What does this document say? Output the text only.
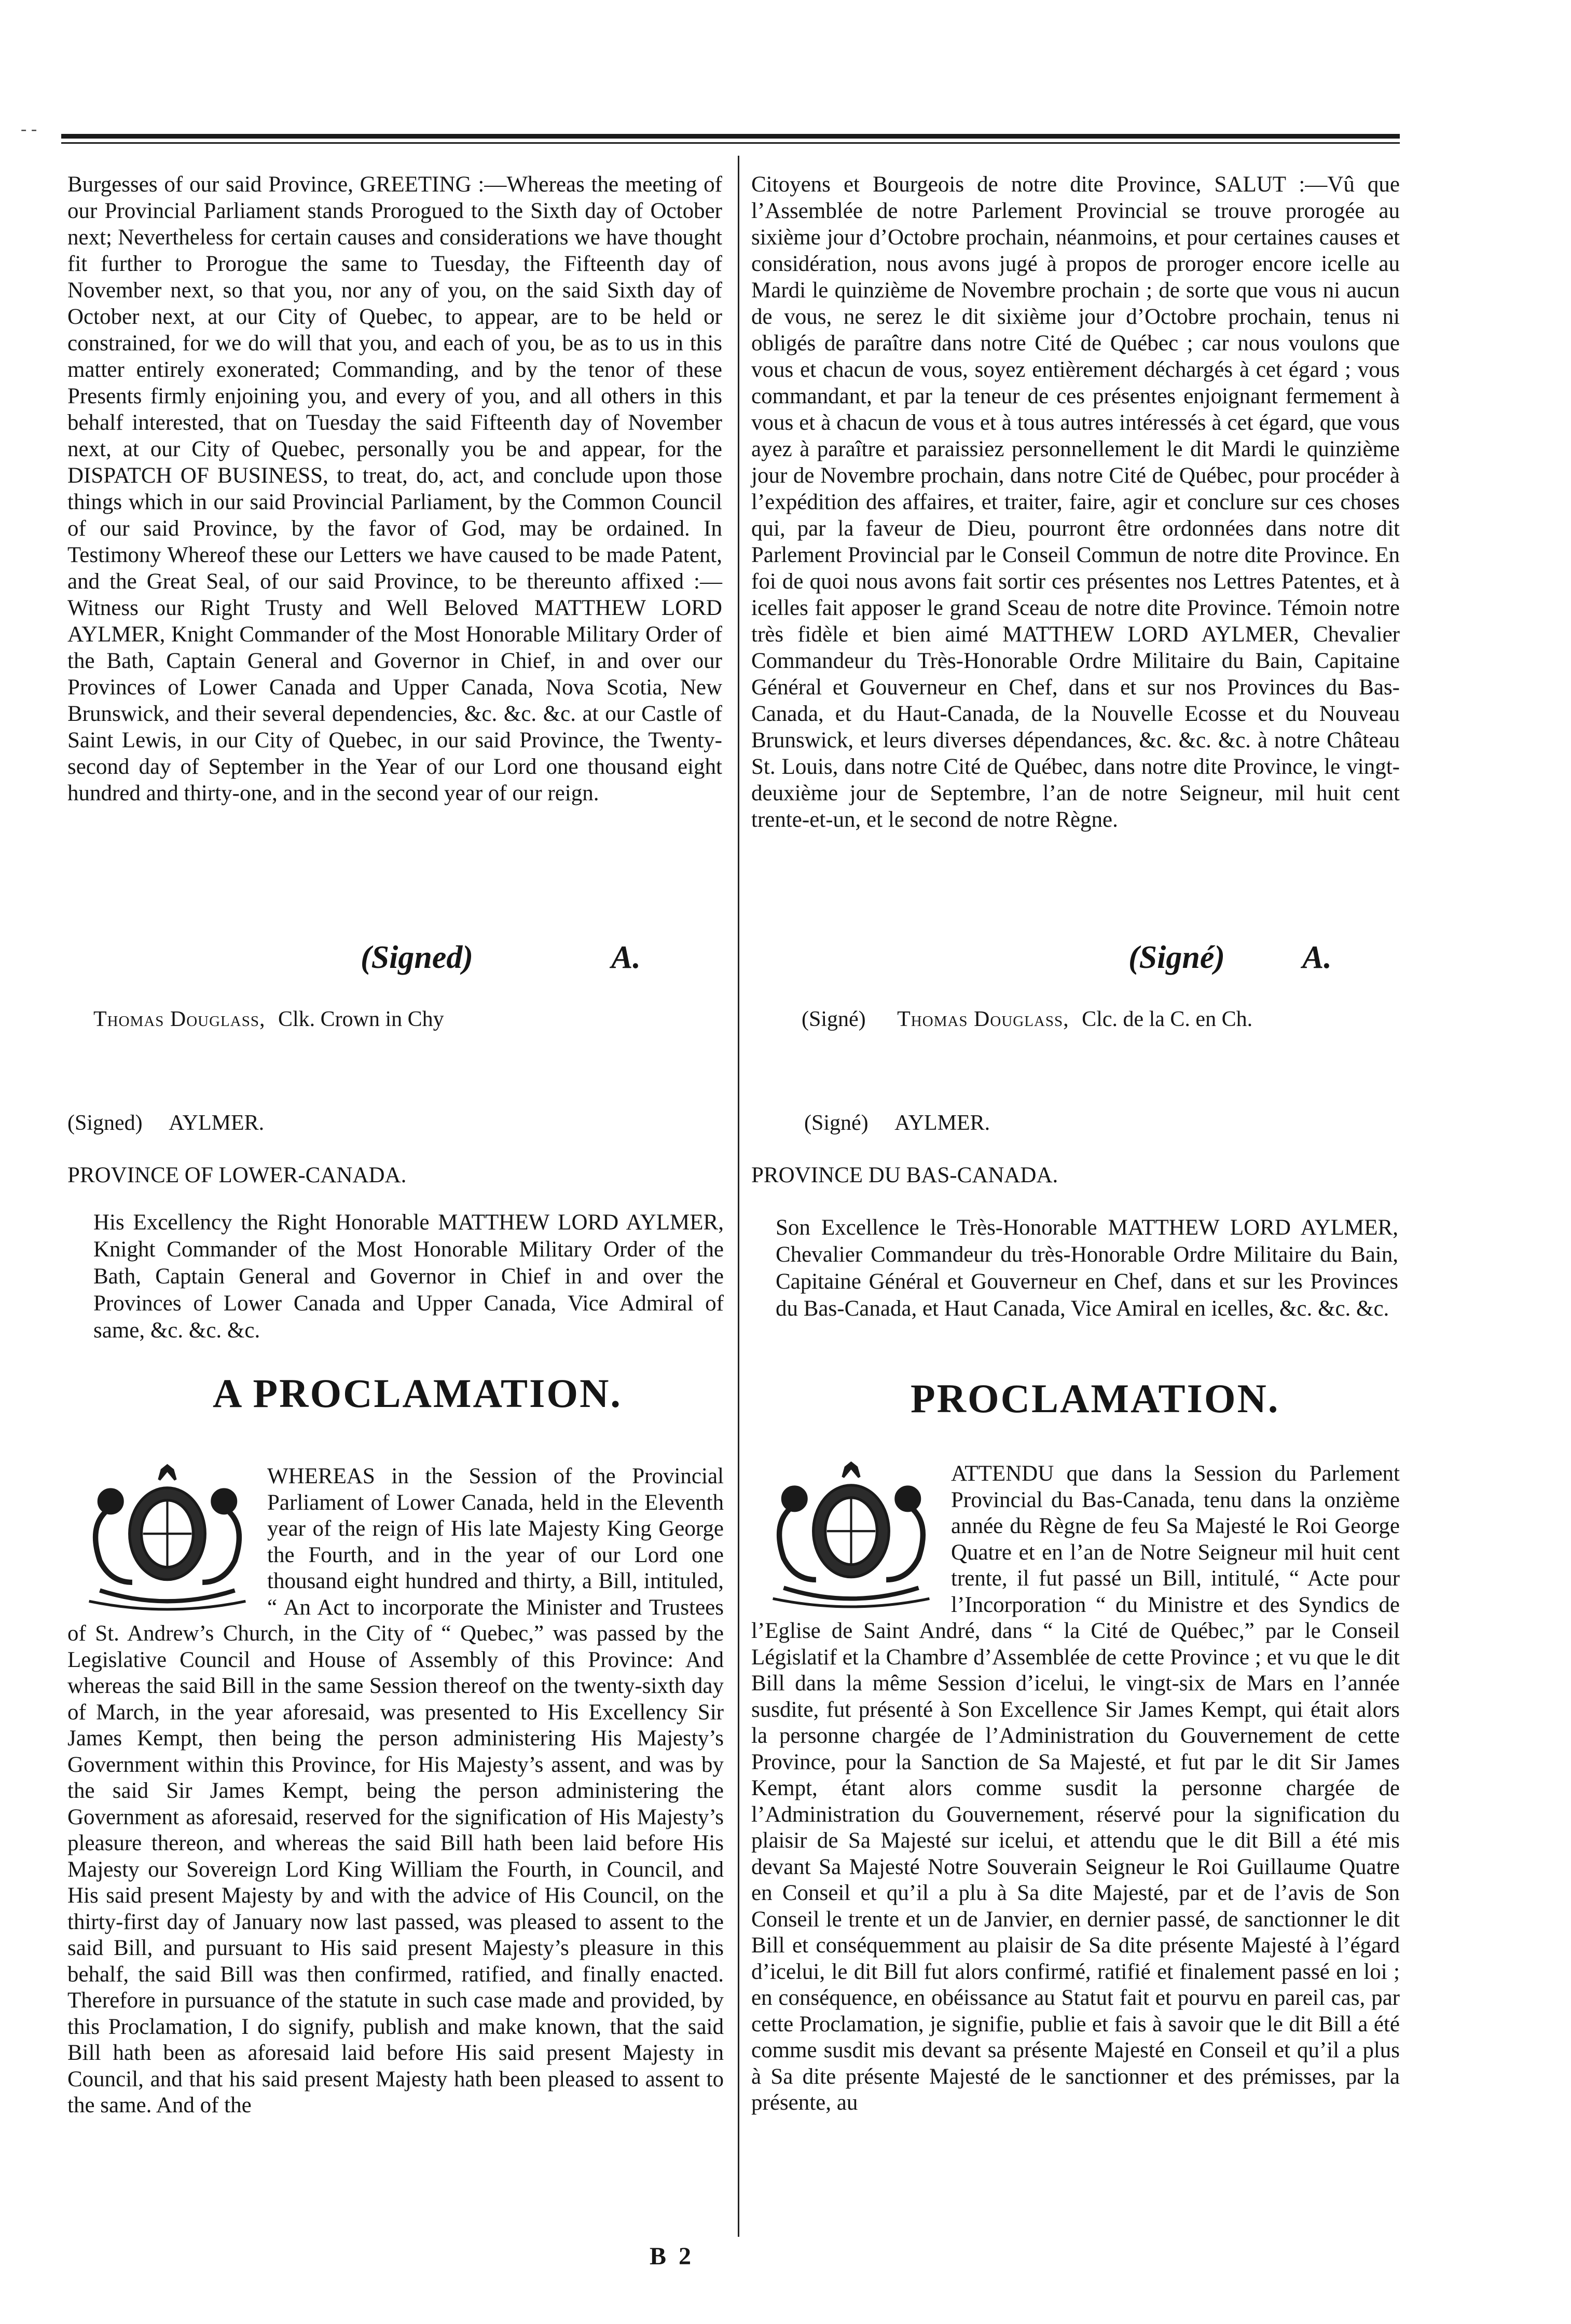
- -

Burgesses of our said Province, GREETING :—Whereas the meeting of our Provincial Parliament stands Prorogued to the Sixth day of October next; Nevertheless for certain causes and considerations we have thought fit further to Prorogue the same to Tuesday, the Fifteenth day of November next, so that you, nor any of you, on the said Sixth day of October next, at our City of Quebec, to appear, are to be held or constrained, for we do will that you, and each of you, be as to us in this matter entirely exonerated; Commanding, and by the tenor of these Presents firmly enjoining you, and every of you, and all others in this behalf interested, that on Tuesday the said Fifteenth day of November next, at our City of Quebec, personally you be and appear, for the DISPATCH OF BUSINESS, to treat, do, act, and conclude upon those things which in our said Provincial Parliament, by the Common Council of our said Province, by the favor of God, may be ordained. In Testimony Whereof these our Letters we have caused to be made Patent, and the Great Seal, of our said Province, to be thereunto affixed :—Witness our Right Trusty and Well Beloved MATTHEW LORD AYLMER, Knight Commander of the Most Honorable Military Order of the Bath, Captain General and Governor in Chief, in and over our Provinces of Lower Canada and Upper Canada, Nova Scotia, New Brunswick, and their several dependencies, &c. &c. &c. at our Castle of Saint Lewis, in our City of Quebec, in our said Province, the Twenty-second day of September in the Year of our Lord one thousand eight hundred and thirty-one, and in the second year of our reign.

(Signed)	A.
Thomas Douglass, Clk. Crown in Chy
(Signed) AYLMER.
PROVINCE OF LOWER-CANADA.
His Excellency the Right Honorable MATTHEW LORD AYLMER, Knight Commander of the Most Honorable Military Order of the Bath, Captain General and Governor in Chief in and over the Provinces of Lower Canada and Upper Canada, Vice Admiral of same, &c. &c. &c.
A PROCLAMATION.
WHEREAS in the Session of the Provincial Parliament of Lower Canada, held in the Eleventh year of the reign of His late Majesty King George the Fourth, and in the year of our Lord one thousand eight hundred and thirty, a Bill, intituled, “ An Act to incorporate the Minister and Trustees of St. Andrew’s Church, in the City of “ Quebec,” was passed by the Legislative Council and House of Assembly of this Province: And whereas the said Bill in the same Session thereof on the twenty-sixth day of March, in the year aforesaid, was presented to His Excellency Sir James Kempt, then being the person administering His Majesty’s Government within this Province, for His Majesty’s assent, and was by the said Sir James Kempt, being the person administering the Government as aforesaid, reserved for the signification of His Majesty’s pleasure thereon, and whereas the said Bill hath been laid before His Majesty our Sovereign Lord King William the Fourth, in Council, and His said present Majesty by and with the advice of His Council, on the thirty-first day of January now last passed, was pleased to assent to the said Bill, and pursuant to His said present Majesty’s pleasure in this behalf, the said Bill was then confirmed, ratified, and finally enacted. Therefore in pursuance of the statute in such case made and provided, by this Proclamation, I do signify, publish and make known, that the said Bill hath been as aforesaid laid before His said present Majesty in Council, and that his said present Majesty hath been pleased to assent to the same. And of the

Citoyens et Bourgeois de notre dite Province, SALUT :—Vû que l’Assemblée de notre Parlement Provincial se trouve prorogée au sixième jour d’Octobre prochain, néanmoins, et pour certaines causes et considération, nous avons jugé à propos de proroger encore icelle au Mardi le quinzième de Novembre prochain ; de sorte que vous ni aucun de vous, ne serez le dit sixième jour d’Octobre prochain, tenus ni obligés de paraître dans notre Cité de Québec ; car nous voulons que vous et chacun de vous, soyez entièrement déchargés à cet égard ; vous commandant, et par la teneur de ces présentes enjoignant fermement à vous et à chacun de vous et à tous autres intéressés à cet égard, que vous ayez à paraître et paraissiez personnellement le dit Mardi le quinzième jour de Novembre prochain, dans notre Cité de Québec, pour procéder à l’expédition des affaires, et traiter, faire, agir et conclure sur ces choses qui, par la faveur de Dieu, pourront être ordonnées dans notre dit Parlement Provincial par le Conseil Commun de notre dite Province. En foi de quoi nous avons fait sortir ces présentes nos Lettres Patentes, et à icelles fait apposer le grand Sceau de notre dite Province. Témoin notre très fidèle et bien aimé MATTHEW LORD AYLMER, Chevalier Commandeur du Très-Honorable Ordre Militaire du Bain, Capitaine Général et Gouverneur en Chef, dans et sur nos Provinces du Bas-Canada, et du Haut-Canada, de la Nouvelle Ecosse et du Nouveau Brunswick, et leurs diverses dépendances, &c. &c. &c. à notre Château St. Louis, dans notre Cité de Québec, dans notre dite Province, le vingt-deuxième jour de Septembre, l’an de notre Seigneur, mil huit cent trente-et-un, et le second de notre Règne.

(Signé) A.
(Signé) Thomas Douglass, Clc. de la C. en Ch.
(Signé) AYLMER.
PROVINCE DU BAS-CANADA.
Son Excellence le Très-Honorable MATTHEW LORD AYLMER, Chevalier Commandeur du très-Honorable Ordre Militaire du Bain, Capitaine Général et Gouverneur en Chef, dans et sur les Provinces du Bas-Canada, et Haut Canada, Vice Amiral en icelles, &c. &c. &c.
PROCLAMATION.
ATTENDU que dans la Session du Parlement Provincial du Bas-Canada, tenu dans la onzième année du Règne de feu Sa Majesté le Roi George Quatre et en l’an de Notre Seigneur mil huit cent trente, il fut passé un Bill, intitulé, “ Acte pour l’Incorporation “ du Ministre et des Syndics de l’Eglise de Saint André, dans “ la Cité de Québec,” par le Conseil Législatif et la Chambre d’Assemblée de cette Province ; et vu que le dit Bill dans la même Session d’icelui, le vingt-six de Mars en l’année susdite, fut présenté à Son Excellence Sir James Kempt, qui était alors la personne chargée de l’Administration du Gouvernement de cette Province, pour la Sanction de Sa Majesté, et fut par le dit Sir James Kempt, étant alors comme susdit la personne chargée de l’Administration du Gouvernement, réservé pour la signification du plaisir de Sa Majesté sur icelui, et attendu que le dit Bill a été mis devant Sa Majesté Notre Souverain Seigneur le Roi Guillaume Quatre en Conseil et qu’il a plu à Sa dite Majesté, par et de l’avis de Son Conseil le trente et un de Janvier, en dernier passé, de sanctionner le dit Bill et conséquemment au plaisir de Sa dite présente Majesté à l’égard d’icelui, le dit Bill fut alors confirmé, ratifié et finalement passé en loi ; en conséquence, en obéissance au Statut fait et pourvu en pareil cas, par cette Proclamation, je signifie, publie et fais à savoir que le dit Bill a été comme susdit mis devant sa présente Majesté en Conseil et qu’il a plus à Sa dite présente Majesté de le sanctionner et des prémisses, par la présente, au
B 2
